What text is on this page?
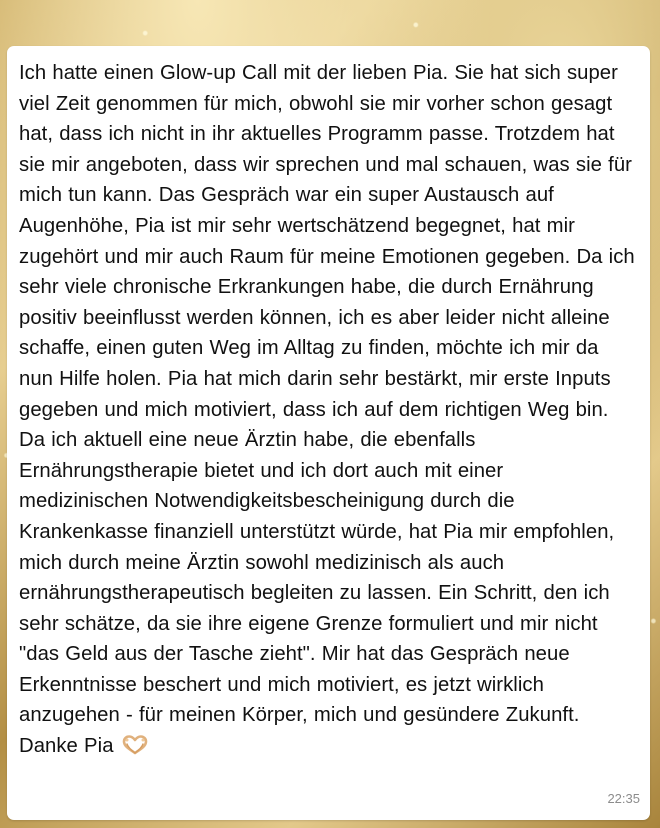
Ich hatte einen Glow-up Call mit der lieben Pia. Sie hat sich super viel Zeit genommen für mich, obwohl sie mir vorher schon gesagt hat, dass ich nicht in ihr aktuelles Programm passe. Trotzdem hat sie mir angeboten, dass wir sprechen und mal schauen, was sie für mich tun kann. Das Gespräch war ein super Austausch auf Augenhöhe, Pia ist mir sehr wertschätzend begegnet, hat mir zugehört und mir auch Raum für meine Emotionen gegeben. Da ich sehr viele chronische Erkrankungen habe, die durch Ernährung positiv beeinflusst werden können, ich es aber leider nicht alleine schaffe, einen guten Weg im Alltag zu finden, möchte ich mir da nun Hilfe holen. Pia hat mich darin sehr bestärkt, mir erste Inputs gegeben und mich motiviert, dass ich auf dem richtigen Weg bin. Da ich aktuell eine neue Ärztin habe, die ebenfalls Ernährungstherapie bietet und ich dort auch mit einer medizinischen Notwendigkeitsbescheinigung durch die Krankenkasse finanziell unterstützt würde, hat Pia mir empfohlen, mich durch meine Ärztin sowohl medizinisch als auch ernährungstherapeutisch begleiten zu lassen. Ein Schritt, den ich sehr schätze, da sie ihre eigene Grenze formuliert und mir nicht "das Geld aus der Tasche zieht". Mir hat das Gespräch neue Erkenntnisse beschert und mich motiviert, es jetzt wirklich anzugehen - für meinen Körper, mich und gesündere Zukunft. Danke Pia

22:35
